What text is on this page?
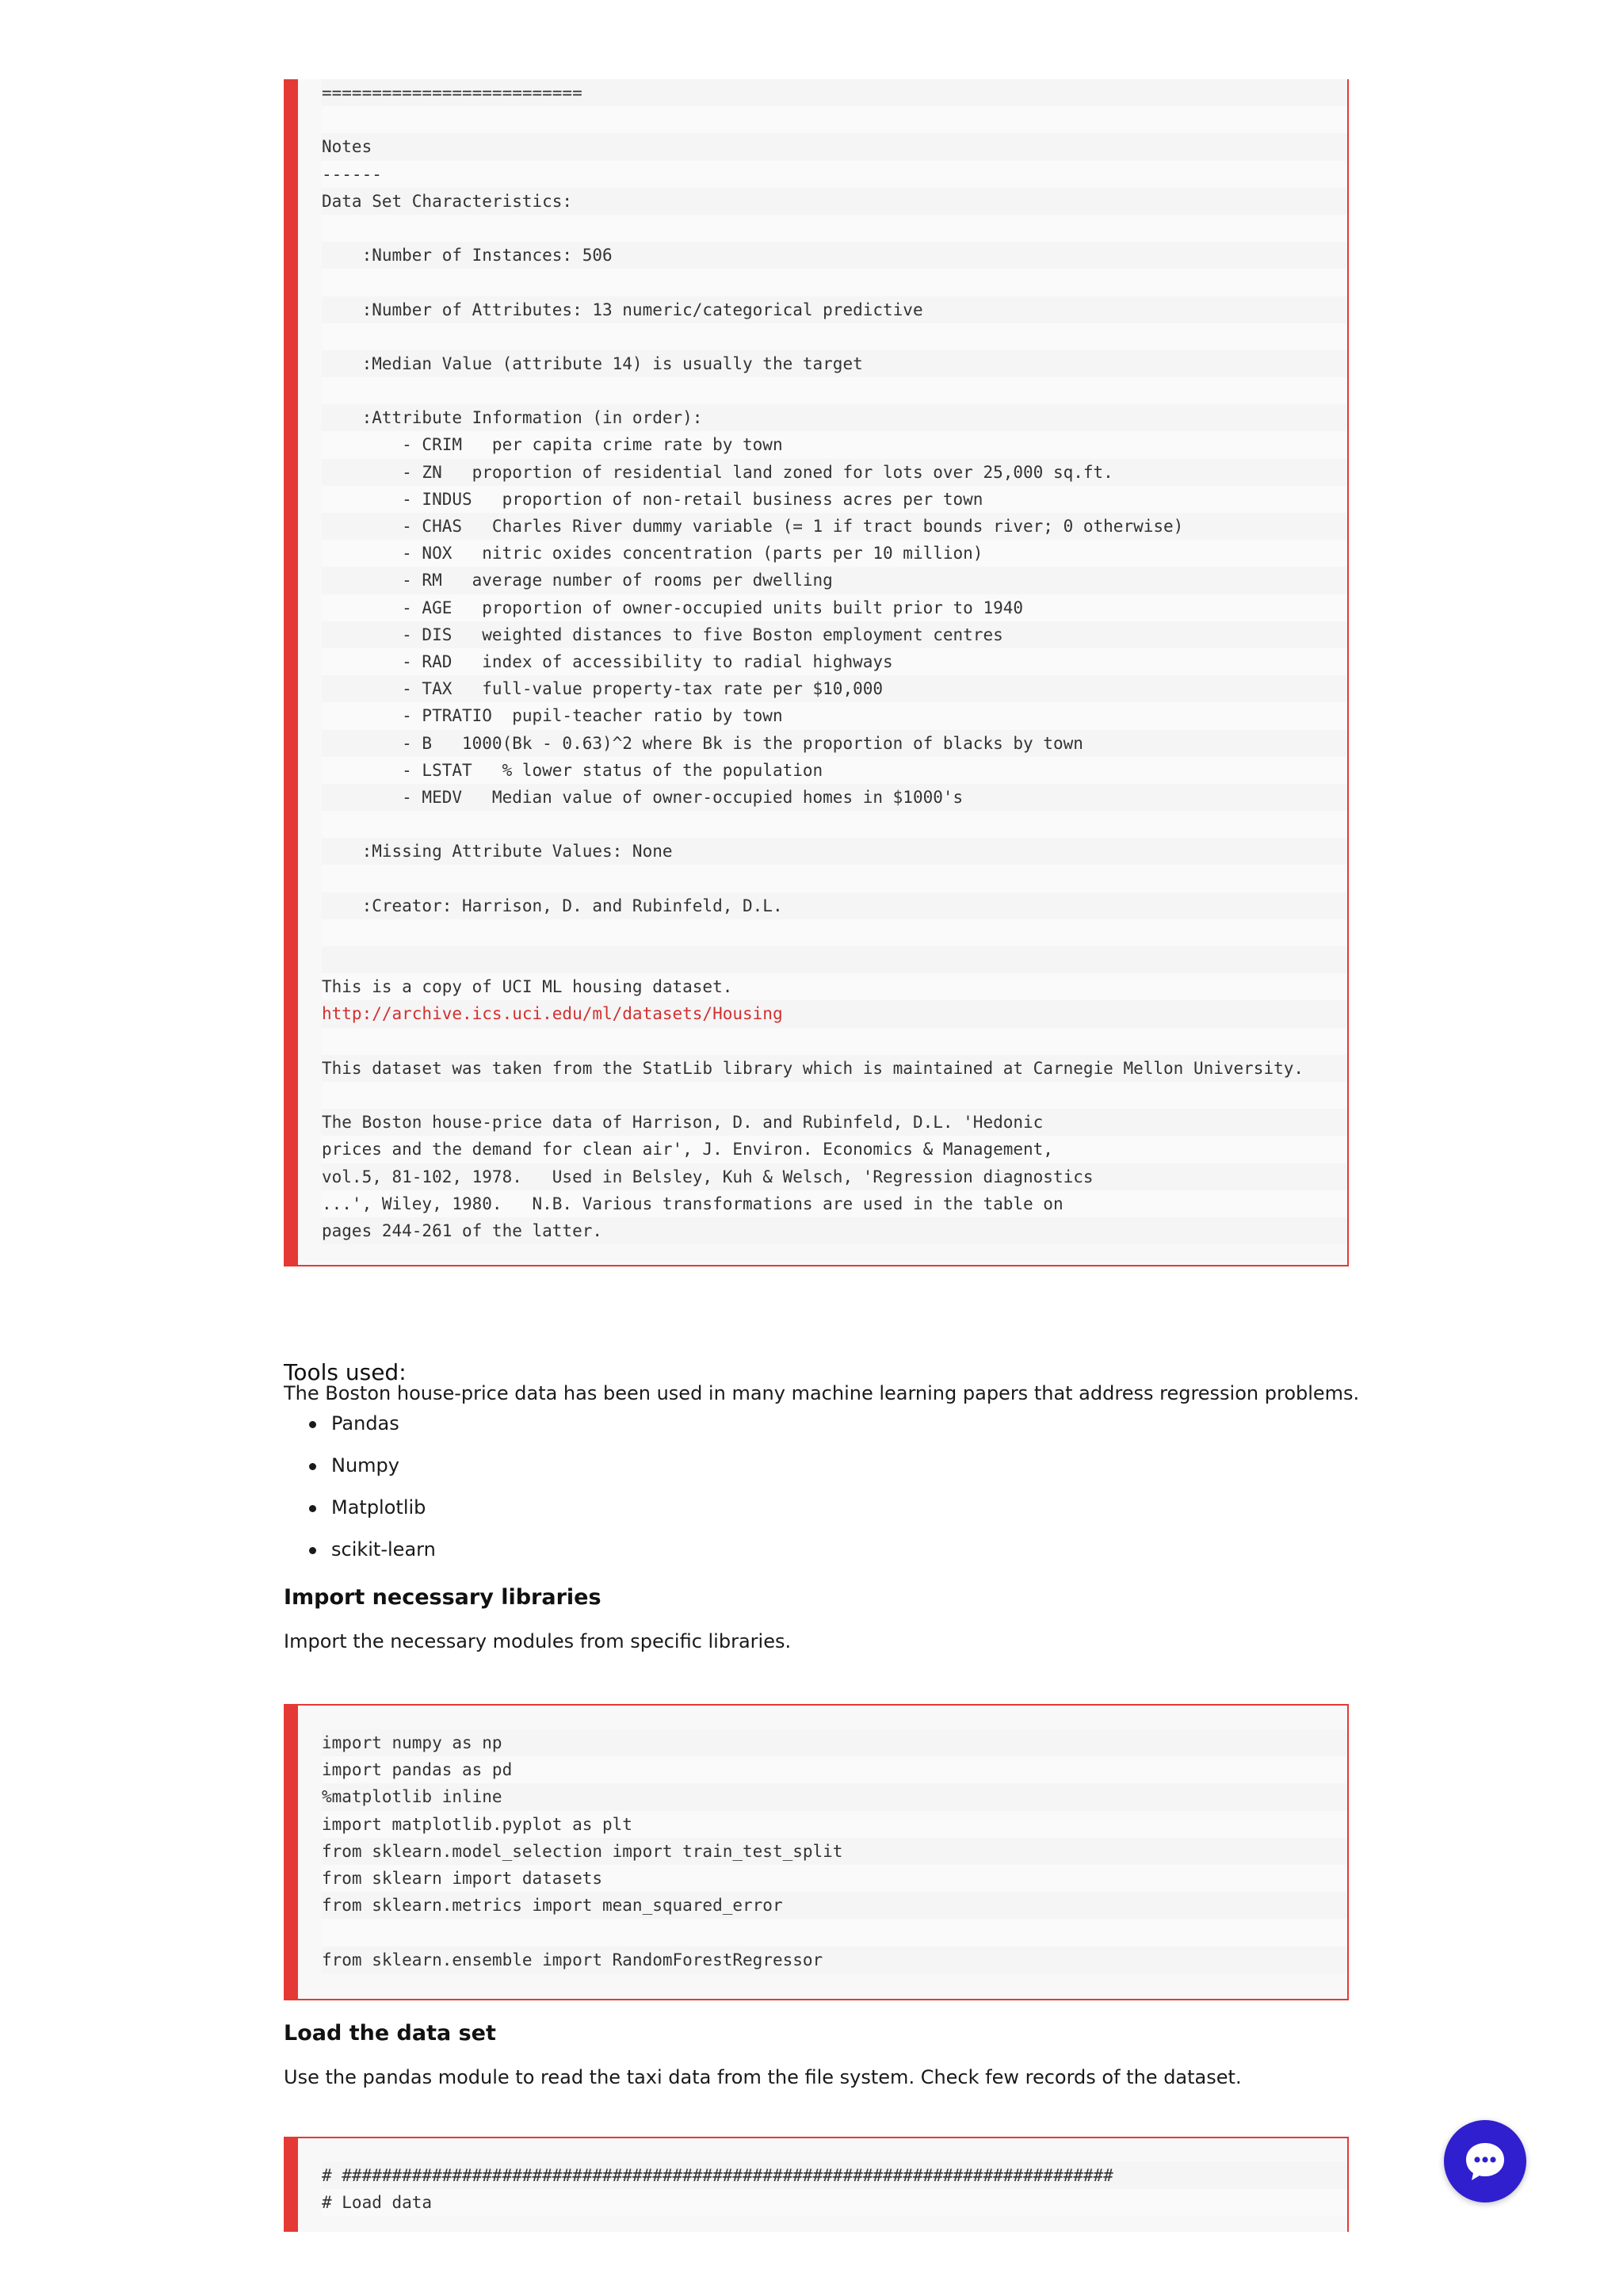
==========================
Notes
------
Data Set Characteristics:
:Number of Instances: 506
:Number of Attributes: 13 numeric/categorical predictive
:Median Value (attribute 14) is usually the target
:Attribute Information (in order):
- CRIM   per capita crime rate by town
- ZN   proportion of residential land zoned for lots over 25,000 sq.ft.
- INDUS   proportion of non-retail business acres per town
- CHAS   Charles River dummy variable (= 1 if tract bounds river; 0 otherwise)
- NOX   nitric oxides concentration (parts per 10 million)
- RM   average number of rooms per dwelling
- AGE   proportion of owner-occupied units built prior to 1940
- DIS   weighted distances to five Boston employment centres
- RAD   index of accessibility to radial highways
- TAX   full-value property-tax rate per $10,000
- PTRATIO  pupil-teacher ratio by town
- B   1000(Bk - 0.63)^2 where Bk is the proportion of blacks by town
- LSTAT   % lower status of the population
- MEDV   Median value of owner-occupied homes in $1000's
:Missing Attribute Values: None
:Creator: Harrison, D. and Rubinfeld, D.L.
This is a copy of UCI ML housing dataset.
http://archive.ics.uci.edu/ml/datasets/Housing
This dataset was taken from the StatLib library which is maintained at Carnegie Mellon University.
The Boston house-price data of Harrison, D. and Rubinfeld, D.L. 'Hedonic
prices and the demand for clean air', J. Environ. Economics & Management,
vol.5, 81-102, 1978.   Used in Belsley, Kuh & Welsch, 'Regression diagnostics
...', Wiley, 1980.   N.B. Various transformations are used in the table on
pages 244-261 of the latter.

The Boston house-price data has been used in many machine learning papers that address regression problems.

Tools used:
Pandas
Numpy
Matplotlib
scikit-learn
Import necessary libraries

Import the necessary modules from specific libraries.

import numpy as np
import pandas as pd
%matplotlib inline
import matplotlib.pyplot as plt
from sklearn.model_selection import train_test_split
from sklearn import datasets
from sklearn.metrics import mean_squared_error
from sklearn.ensemble import RandomForestRegressor
Load the data set

Use the pandas module to read the taxi data from the file system. Check few records of the dataset.

# #############################################################################
# Load data
